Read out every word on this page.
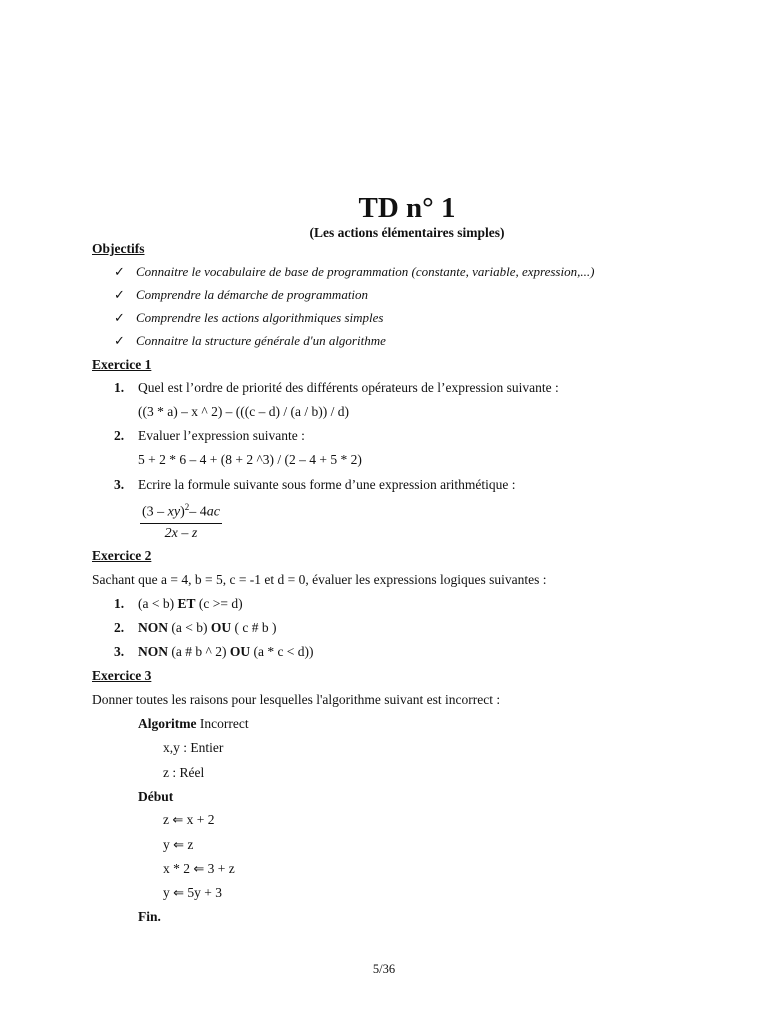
TD n° 1
(Les actions élémentaires simples)
Objectifs
✓ Connaitre le vocabulaire de base de programmation (constante, variable, expression,...)
✓ Comprendre la démarche de programmation
✓ Comprendre les actions algorithmiques simples
✓ Connaitre la structure générale d'un algorithme
Exercice 1
1. Quel est l’ordre de priorité des différents opérateurs de l’expression suivante :
((3 * a) – x ^ 2) – (((c – d) / (a / b)) / d)
2. Evaluer l’expression suivante :
5 + 2 * 6 – 4 + (8 + 2 ^3) / (2 – 4 + 5 * 2)
3. Ecrire la formule suivante sous forme d’une expression arithmétique :
$\frac{(3 - xy)^2- 4ac}{2x - z}$
Exercice 2
Sachant que a = 4, b = 5, c = -1 et d = 0, évaluer les expressions logiques suivantes :
1. (a < b) ET (c >= d)
2. NON (a < b) OU ( c # b )
3. NON (a # b ^ 2) OU (a * c < d))
Exercice 3
Donner toutes les raisons pour lesquelles l'algorithme suivant est incorrect :
Algoritme Incorrect
x,y : Entier
z : Réel
Début
z ⇐ x + 2
y ⇐ z
x * 2 ⇐ 3 + z
y ⇐ 5y + 3
Fin.
5/36
